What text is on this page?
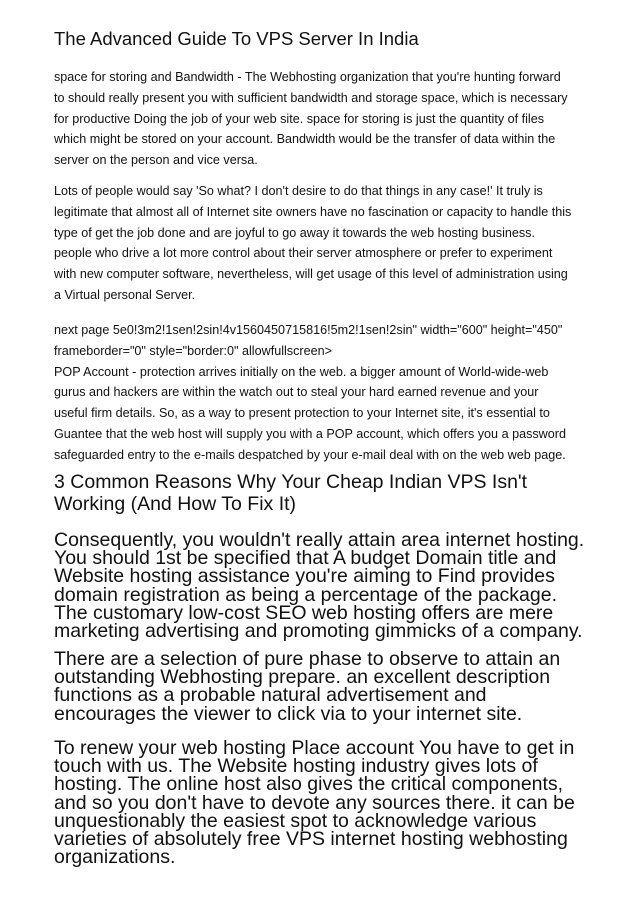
The Advanced Guide To VPS Server In India

space for storing and Bandwidth - The Webhosting organization that you're hunting forward
to should really present you with sufficient bandwidth and storage space, which is necessary
for productive Doing the job of your web site. space for storing is just the quantity of files
which might be stored on your account. Bandwidth would be the transfer of data within the
server on the person and vice versa.

Lots of people would say 'So what? I don't desire to do that things in any case!' It truly is
legitimate that almost all of Internet site owners have no fascination or capacity to handle this
type of get the job done and are joyful to go away it towards the web hosting business.
people who drive a lot more control about their server atmosphere or prefer to experiment
with new computer software, nevertheless, will get usage of this level of administration using
a Virtual personal Server.

next page 5e0!3m2!1sen!2sin!4v1560450715816!5m2!1sen!2sin" width="600" height="450"
frameborder="0" style="border:0" allowfullscreen>
POP Account - protection arrives initially on the web. a bigger amount of World-wide-web
gurus and hackers are within the watch out to steal your hard earned revenue and your
useful firm details. So, as a way to present protection to your Internet site, it's essential to
Guantee that the web host will supply you with a POP account, which offers you a password
safeguarded entry to the e-mails despatched by your e-mail deal with on the web web page.

3 Common Reasons Why Your Cheap Indian VPS Isn't
Working (And How To Fix It)

Consequently, you wouldn't really attain area internet hosting.
You should 1st be specified that A budget Domain title and
Website hosting assistance you're aiming to Find provides
domain registration as being a percentage of the package.
The customary low-cost SEO web hosting offers are mere
marketing advertising and promoting gimmicks of a company.

There are a selection of pure phase to observe to attain an
outstanding Webhosting prepare. an excellent description
functions as a probable natural advertisement and
encourages the viewer to click via to your internet site.

To renew your web hosting Place account You have to get in
touch with us. The Website hosting industry gives lots of
hosting. The online host also gives the critical components,
and so you don't have to devote any sources there. it can be
unquestionably the easiest spot to acknowledge various
varieties of absolutely free VPS internet hosting webhosting
organizations.
